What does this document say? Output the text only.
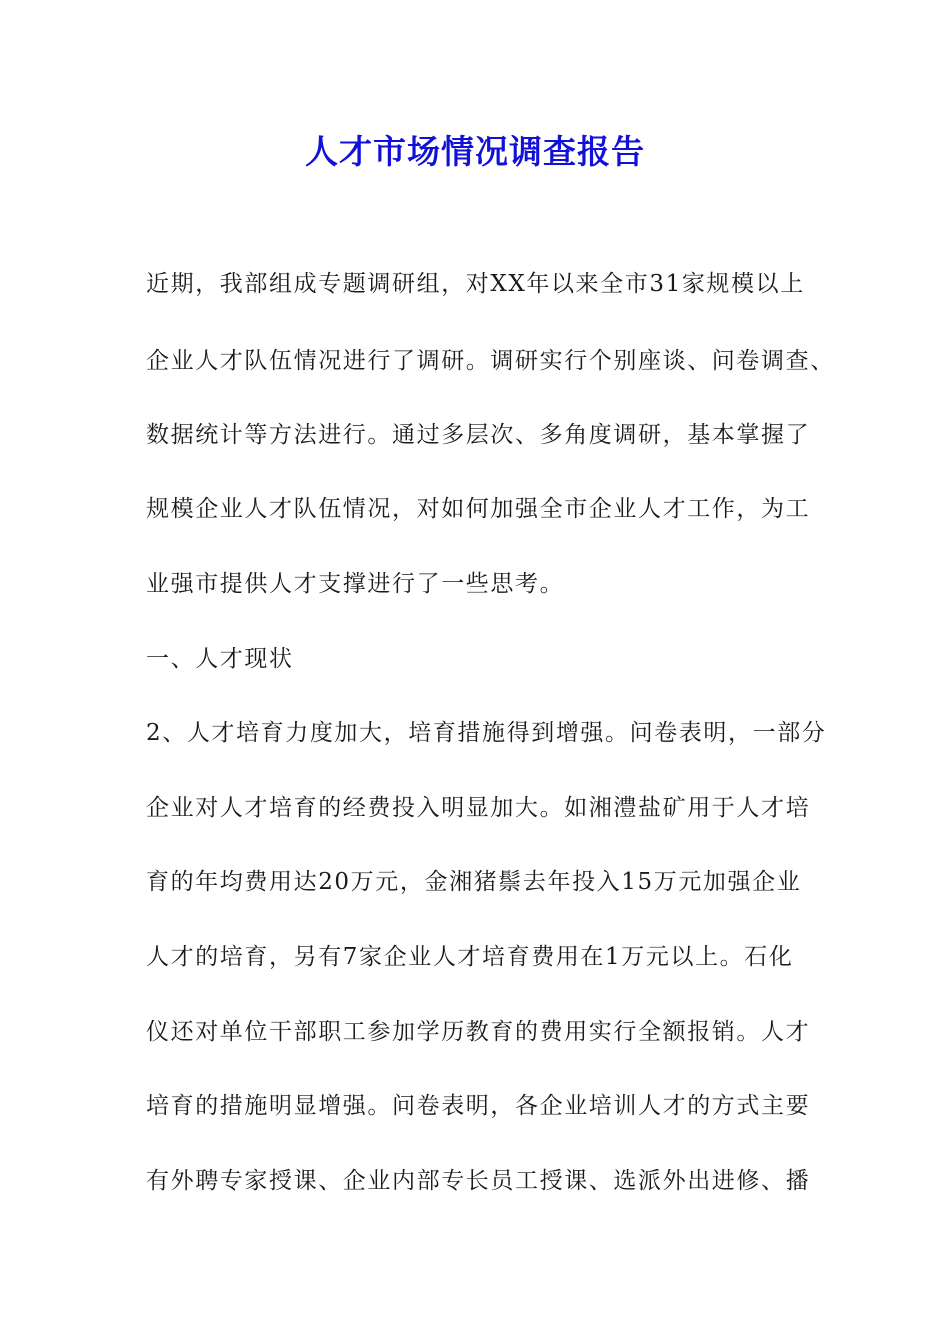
人才市场情况调查报告

近期，我部组成专题调研组，对XX年以来全市31家规模以上

企业人才队伍情况进行了调研。调研实行个别座谈、问卷调查、

数据统计等方法进行。通过多层次、多角度调研，基本掌握了

规模企业人才队伍情况，对如何加强全市企业人才工作，为工

业强市提供人才支撑进行了一些思考。

一、人才现状

2、人才培育力度加大，培育措施得到增强。问卷表明，一部分

企业对人才培育的经费投入明显加大。如湘澧盐矿用于人才培

育的年均费用达20万元，金湘猪鬃去年投入15万元加强企业

人才的培育，另有7家企业人才培育费用在1万元以上。石化

仪还对单位干部职工参加学历教育的费用实行全额报销。人才

培育的措施明显增强。问卷表明，各企业培训人才的方式主要

有外聘专家授课、企业内部专长员工授课、选派外出进修、播
